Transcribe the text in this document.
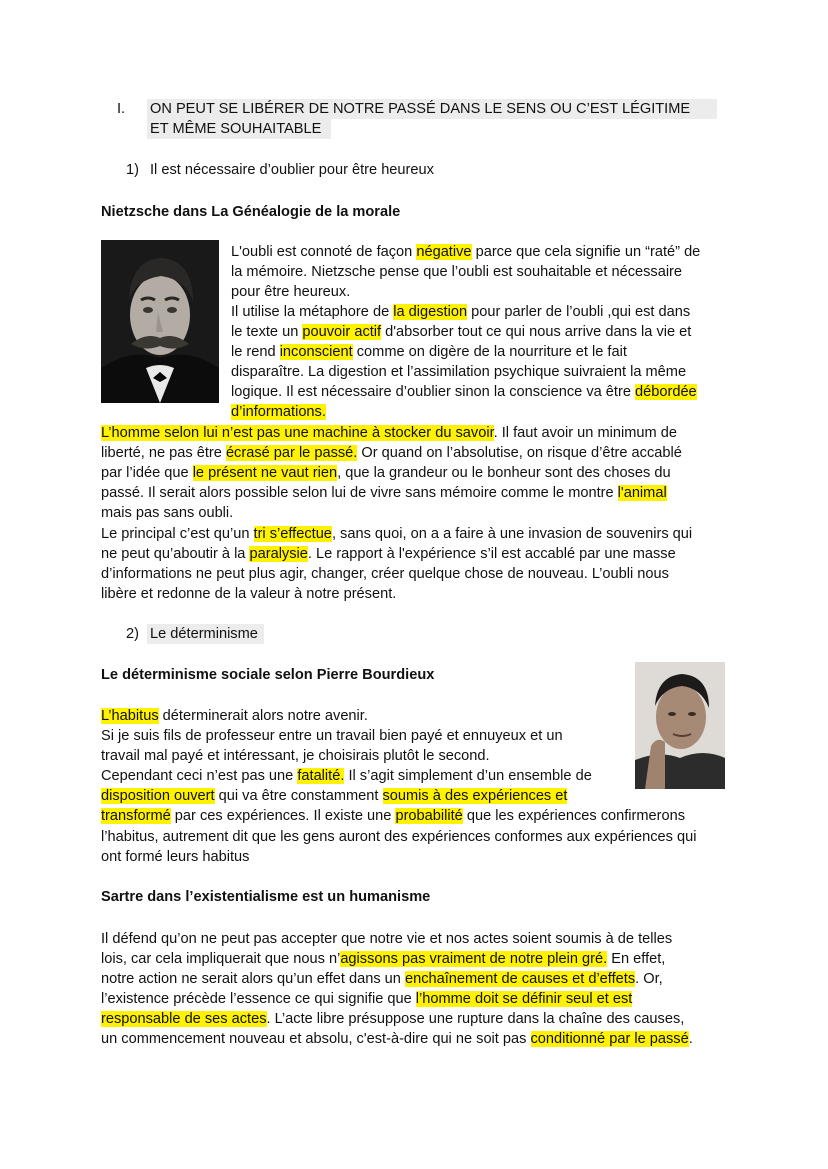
I. ON PEUT SE LIBÉRER DE NOTRE PASSÉ DANS LE SENS OU C’EST LÉGITIME
ET MÊME SOUHAITABLE
1) Il est nécessaire d’oublier pour être heureux
Nietzsche dans La Généalogie de la morale
L'oubli est connoté de façon négative parce que cela signifie un “raté” de
la mémoire. Nietzsche pense que l’oubli est souhaitable et nécessaire
pour être heureux.
Il utilise la métaphore de la digestion pour parler de l’oubli ,qui est dans
le texte un pouvoir actif d'absorber tout ce qui nous arrive dans la vie et
le rend inconscient comme on digère de la nourriture et le fait
disparaître. La digestion et l’assimilation psychique suivraient la même
logique. Il est nécessaire d’oublier sinon la conscience va être débordée
d’informations.
L’homme selon lui n’est pas une machine à stocker du savoir. Il faut avoir un minimum de
liberté, ne pas être écrasé par le passé. Or quand on l’absolutise, on risque d’être accablé
par l’idée que le présent ne vaut rien, que la grandeur ou le bonheur sont des choses du
passé. Il serait alors possible selon lui de vivre sans mémoire comme le montre l'animal
mais pas sans oubli.
Le principal c’est qu’un tri s’effectue, sans quoi, on a a faire à une invasion de souvenirs qui
ne peut qu’aboutir à la paralysie. Le rapport à l'expérience s’il est accablé par une masse
d’informations ne peut plus agir, changer, créer quelque chose de nouveau. L’oubli nous
libère et redonne de la valeur à notre présent.
2) Le déterminisme
Le déterminisme sociale selon Pierre Bourdieux
L’habitus déterminerait alors notre avenir.
Si je suis fils de professeur entre un travail bien payé et ennuyeux et un
travail mal payé et intéressant, je choisirais plutôt le second.
Cependant ceci n’est pas une fatalité. Il s’agit simplement d’un ensemble de
disposition ouvert qui va être constamment soumis à des expériences et
transformé par ces expériences. Il existe une probabilité que les expériences confirmerons
l’habitus, autrement dit que les gens auront des expériences conformes aux expériences qui
ont formé leurs habitus
Sartre dans l’existentialisme est un humanisme
Il défend qu’on ne peut pas accepter que notre vie et nos actes soient soumis à de telles
lois, car cela impliquerait que nous n’agissons pas vraiment de notre plein gré. En effet,
notre action ne serait alors qu’un effet dans un enchaînement de causes et d’effets. Or,
l’existence précède l’essence ce qui signifie que l’homme doit se définir seul et est
responsable de ses actes. L’acte libre présuppose une rupture dans la chaîne des causes,
un commencement nouveau et absolu, c'est-à-dire qui ne soit pas conditionné par le passé.
